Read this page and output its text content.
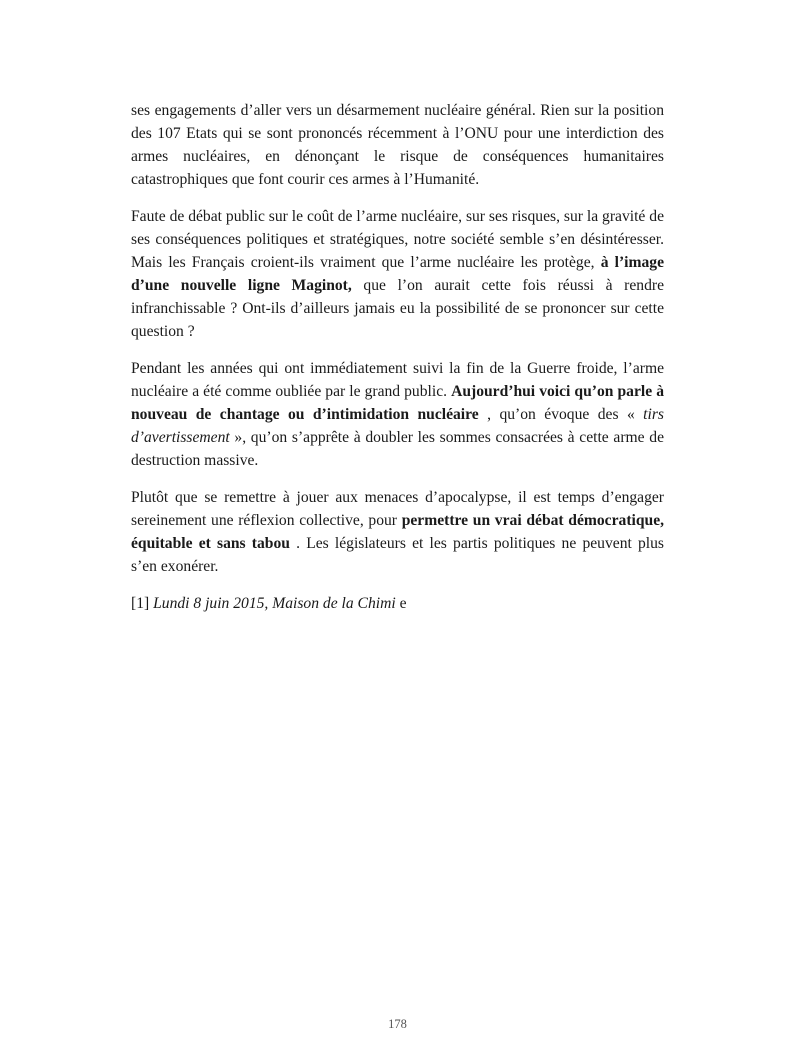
ses engagements d’aller vers un désarmement nucléaire général. Rien sur la position des 107 Etats qui se sont prononcés récemment à l’ONU pour une interdiction des armes nucléaires, en dénonçant le risque de conséquences humanitaires catastrophiques que font courir ces armes à l’Humanité.

Faute de débat public sur le coût de l’arme nucléaire, sur ses risques, sur la gravité de ses conséquences politiques et stratégiques, notre société semble s’en désintéresser. Mais les Français croient-ils vraiment que l’arme nucléaire les protège, à l’image d’une nouvelle ligne Maginot, que l’on aurait cette fois réussi à rendre infranchissable ? Ont-ils d’ailleurs jamais eu la possibilité de se prononcer sur cette question ?

Pendant les années qui ont immédiatement suivi la fin de la Guerre froide, l’arme nucléaire a été comme oubliée par le grand public. Aujourd’hui voici qu’on parle à nouveau de chantage ou d’intimidation nucléaire , qu’on évoque des « tirs d’avertissement », qu’on s’apprête à doubler les sommes consacrées à cette arme de destruction massive.

Plutôt que se remettre à jouer aux menaces d’apocalypse, il est temps d’engager sereinement une réflexion collective, pour permettre un vrai débat démocratique, équitable et sans tabou . Les législateurs et les partis politiques ne peuvent plus s’en exonérer.

[1] Lundi 8 juin 2015, Maison de la Chimi e

178
